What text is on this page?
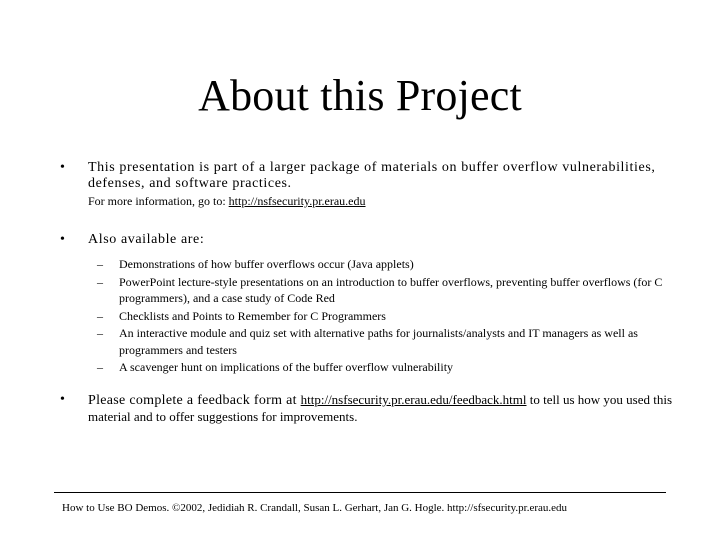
About this Project
• This presentation is part of a larger package of materials on buffer overflow vulnerabilities, defenses, and software practices.
For more information, go to: http://nsfsecurity.pr.erau.edu
• Also available are:
– Demonstrations of how buffer overflows occur (Java applets)
– PowerPoint lecture-style presentations on an introduction to buffer overflows, preventing buffer overflows (for C programmers), and a case study of Code Red
– Checklists and Points to Remember for C Programmers
– An interactive module and quiz set with alternative paths for journalists/analysts and IT managers as well as programmers and testers
– A scavenger hunt on implications of the buffer overflow vulnerability
• Please complete a feedback form at http://nsfsecurity.pr.erau.edu/feedback.html to tell us how you used this material and to offer suggestions for improvements.
How to Use BO Demos. ©2002, Jedidiah R. Crandall, Susan L. Gerhart, Jan G. Hogle. http://sfsecurity.pr.erau.edu
